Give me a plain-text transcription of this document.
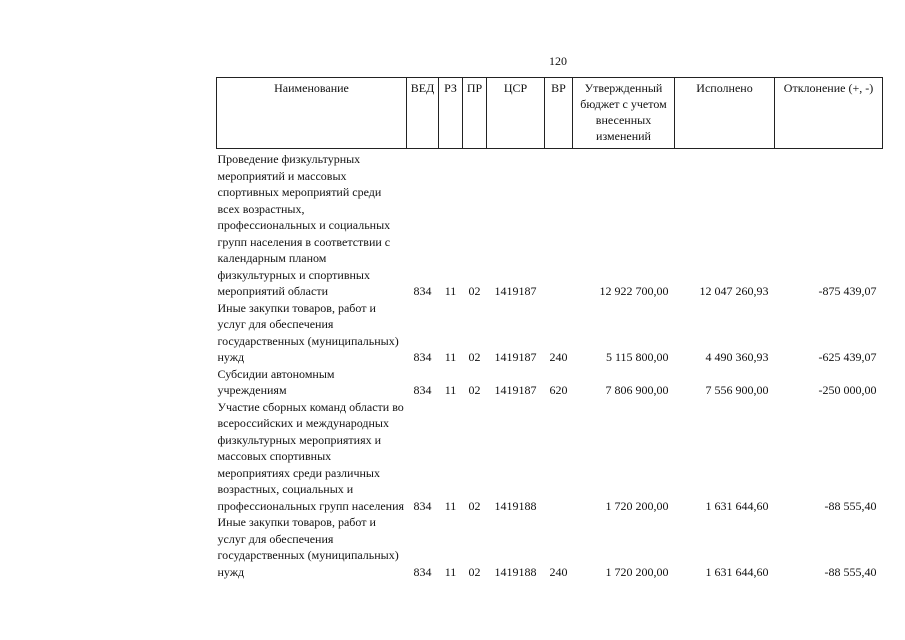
120
Наименование	ВЕД	РЗ	ПР	ЦСР	ВР	Утвержденный бюджет с учетом внесенных изменений	Исполнено	Отклонение (+, -)

Проведение физкультурных мероприятий и массовых спортивных мероприятий среди всех возрастных, профессиональных и социальных групп населения в соответствии с календарным планом физкультурных и спортивных мероприятий области	834	11	02	1419187		12 922 700,00	12 047 260,93	-875 439,07
Иные закупки товаров, работ и услуг для обеспечения государственных (муниципальных) нужд	834	11	02	1419187	240	5 115 800,00	4 490 360,93	-625 439,07
Субсидии автономным учреждениям	834	11	02	1419187	620	7 806 900,00	7 556 900,00	-250 000,00
Участие сборных команд области во всероссийских и международных физкультурных мероприятиях и массовых спортивных мероприятиях среди различных возрастных, социальных и профессиональных групп населения	834	11	02	1419188		1 720 200,00	1 631 644,60	-88 555,40
Иные закупки товаров, работ и услуг для обеспечения государственных (муниципальных) нужд	834	11	02	1419188	240	1 720 200,00	1 631 644,60	-88 555,40
